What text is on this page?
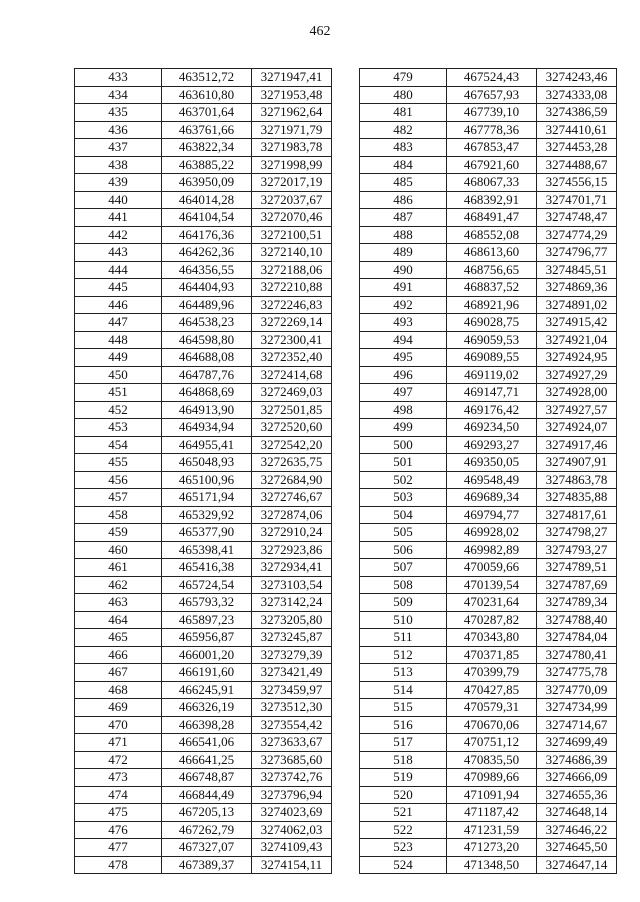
462
433	463512,72	3271947,41
434	463610,80	3271953,48
435	463701,64	3271962,64
436	463761,66	3271971,79
437	463822,34	3271983,78
438	463885,22	3271998,99
439	463950,09	3272017,19
440	464014,28	3272037,67
441	464104,54	3272070,46
442	464176,36	3272100,51
443	464262,36	3272140,10
444	464356,55	3272188,06
445	464404,93	3272210,88
446	464489,96	3272246,83
447	464538,23	3272269,14
448	464598,80	3272300,41
449	464688,08	3272352,40
450	464787,76	3272414,68
451	464868,69	3272469,03
452	464913,90	3272501,85
453	464934,94	3272520,60
454	464955,41	3272542,20
455	465048,93	3272635,75
456	465100,96	3272684,90
457	465171,94	3272746,67
458	465329,92	3272874,06
459	465377,90	3272910,24
460	465398,41	3272923,86
461	465416,38	3272934,41
462	465724,54	3273103,54
463	465793,32	3273142,24
464	465897,23	3273205,80
465	465956,87	3273245,87
466	466001,20	3273279,39
467	466191,60	3273421,49
468	466245,91	3273459,97
469	466326,19	3273512,30
470	466398,28	3273554,42
471	466541,06	3273633,67
472	466641,25	3273685,60
473	466748,87	3273742,76
474	466844,49	3273796,94
475	467205,13	3274023,69
476	467262,79	3274062,03
477	467327,07	3274109,43
478	467389,37	3274154,11
479	467524,43	3274243,46
480	467657,93	3274333,08
481	467739,10	3274386,59
482	467778,36	3274410,61
483	467853,47	3274453,28
484	467921,60	3274488,67
485	468067,33	3274556,15
486	468392,91	3274701,71
487	468491,47	3274748,47
488	468552,08	3274774,29
489	468613,60	3274796,77
490	468756,65	3274845,51
491	468837,52	3274869,36
492	468921,96	3274891,02
493	469028,75	3274915,42
494	469059,53	3274921,04
495	469089,55	3274924,95
496	469119,02	3274927,29
497	469147,71	3274928,00
498	469176,42	3274927,57
499	469234,50	3274924,07
500	469293,27	3274917,46
501	469350,05	3274907,91
502	469548,49	3274863,78
503	469689,34	3274835,88
504	469794,77	3274817,61
505	469928,02	3274798,27
506	469982,89	3274793,27
507	470059,66	3274789,51
508	470139,54	3274787,69
509	470231,64	3274789,34
510	470287,82	3274788,40
511	470343,80	3274784,04
512	470371,85	3274780,41
513	470399,79	3274775,78
514	470427,85	3274770,09
515	470579,31	3274734,99
516	470670,06	3274714,67
517	470751,12	3274699,49
518	470835,50	3274686,39
519	470989,66	3274666,09
520	471091,94	3274655,36
521	471187,42	3274648,14
522	471231,59	3274646,22
523	471273,20	3274645,50
524	471348,50	3274647,14
